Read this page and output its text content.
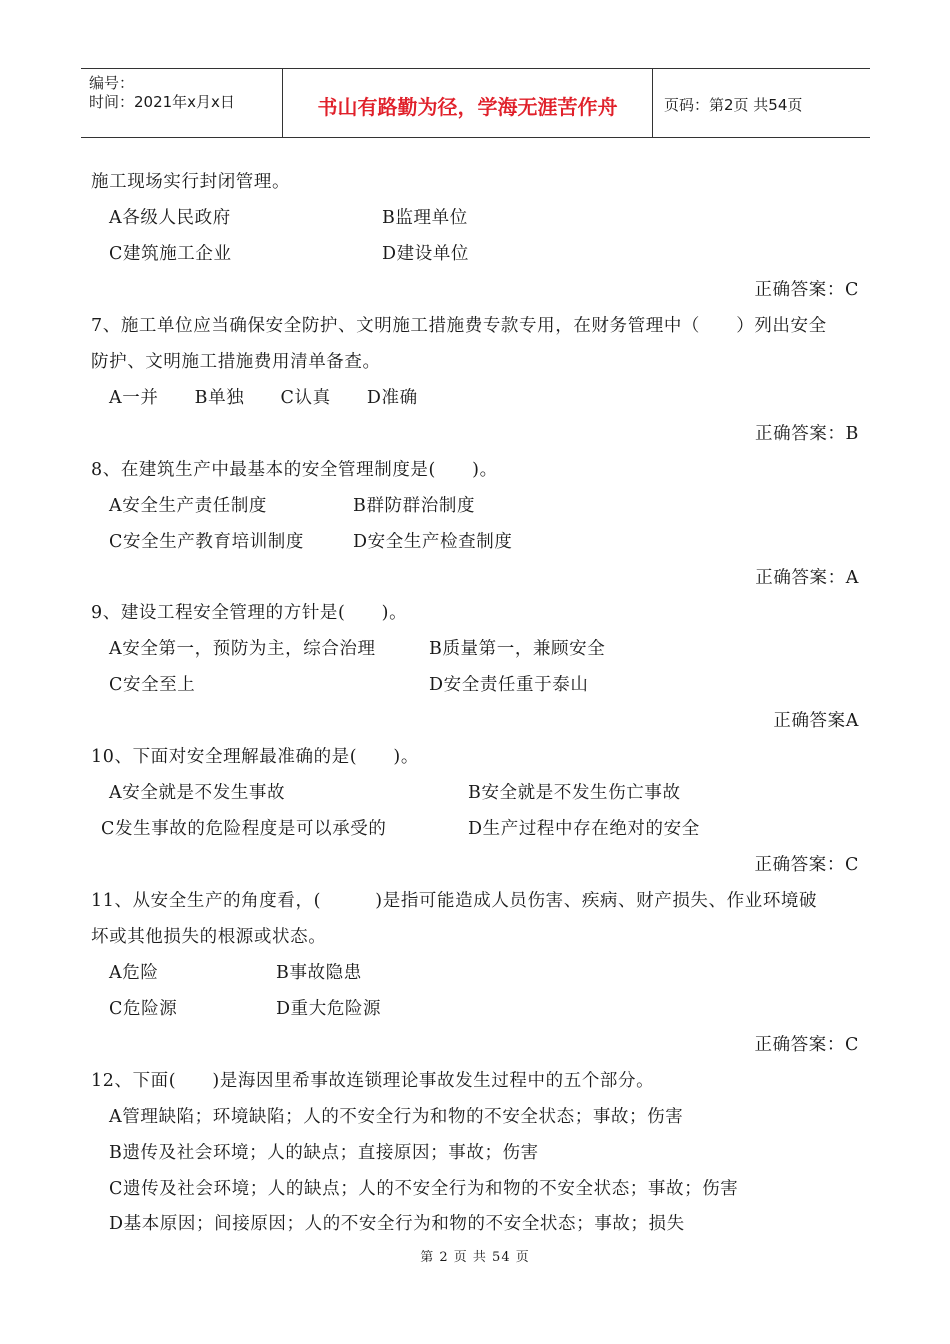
编号：
时间：2021年x月x日	书山有路勤为径，学海无涯苦作舟	页码：第2页 共54页
施工现场实行封闭管理。
A各级人民政府	B监理单位
C建筑施工企业	D建设单位
正确答案：C
7、施工单位应当确保安全防护、文明施工措施费专款专用，在财务管理中（　　）列出安全
防护、文明施工措施费用清单备查。
A一并　　B单独　　C认真　　D准确
正确答案：B
8、在建筑生产中最基本的安全管理制度是(　　)。
A安全生产责任制度	B群防群治制度
C安全生产教育培训制度	D安全生产检查制度
正确答案：A
9、建设工程安全管理的方针是(　　)。
A安全第一，预防为主，综合治理	B质量第一，兼顾安全
C安全至上	D安全责任重于泰山
正确答案A
10、下面对安全理解最准确的是(　　)。
A安全就是不发生事故	B安全就是不发生伤亡事故
C发生事故的危险程度是可以承受的	D生产过程中存在绝对的安全
正确答案：C
11、从安全生产的角度看，(　　　)是指可能造成人员伤害、疾病、财产损失、作业环境破
坏或其他损失的根源或状态。
A危险	B事故隐患
C危险源	D重大危险源
正确答案：C
12、下面(　　)是海因里希事故连锁理论事故发生过程中的五个部分。
A管理缺陷；环境缺陷；人的不安全行为和物的不安全状态；事故；伤害
B遗传及社会环境；人的缺点；直接原因；事故；伤害
C遗传及社会环境；人的缺点；人的不安全行为和物的不安全状态；事故；伤害
D基本原因；间接原因；人的不安全行为和物的不安全状态；事故；损失
第 2 页 共 54 页
